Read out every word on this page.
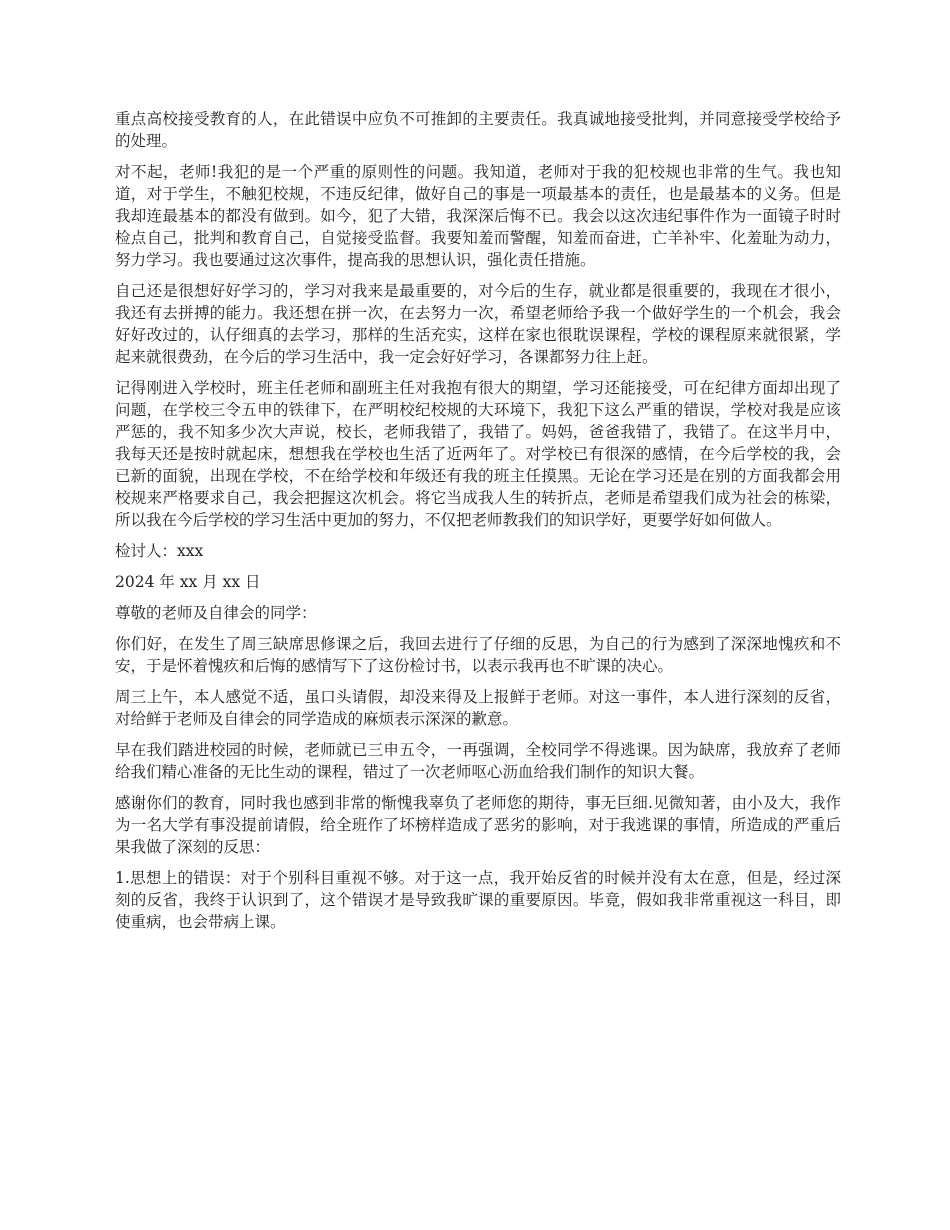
重点高校接受教育的人，在此错误中应负不可推卸的主要责任。我真诚地接受批判，并同意接受学校给予的处理。

对不起，老师!我犯的是一个严重的原则性的问题。我知道，老师对于我的犯校规也非常的生气。我也知道，对于学生，不触犯校规，不违反纪律，做好自己的事是一项最基本的责任，也是最基本的义务。但是我却连最基本的都没有做到。如今，犯了大错，我深深后悔不已。我会以这次违纪事件作为一面镜子时时检点自己，批判和教育自己，自觉接受监督。我要知羞而警醒，知羞而奋进，亡羊补牢、化羞耻为动力，努力学习。我也要通过这次事件，提高我的思想认识，强化责任措施。

自己还是很想好好学习的，学习对我来是最重要的，对今后的生存，就业都是很重要的，我现在才很小，我还有去拼搏的能力。我还想在拼一次，在去努力一次，希望老师给予我一个做好学生的一个机会，我会好好改过的，认仔细真的去学习，那样的生活充实，这样在家也很耽误课程，学校的课程原来就很紧，学起来就很费劲，在今后的学习生活中，我一定会好好学习，各课都努力往上赶。

记得刚进入学校时，班主任老师和副班主任对我抱有很大的期望，学习还能接受，可在纪律方面却出现了问题，在学校三令五申的铁律下，在严明校纪校规的大环境下，我犯下这么严重的错误，学校对我是应该严惩的，我不知多少次大声说，校长，老师我错了，我错了。妈妈，爸爸我错了，我错了。在这半月中，我每天还是按时就起床，想想我在学校也生活了近两年了。对学校已有很深的感情，在今后学校的我，会已新的面貌，出现在学校，不在给学校和年级还有我的班主任摸黑。无论在学习还是在别的方面我都会用校规来严格要求自己，我会把握这次机会。将它当成我人生的转折点，老师是希望我们成为社会的栋梁，所以我在今后学校的学习生活中更加的努力，不仅把老师教我们的知识学好，更要学好如何做人。

检讨人：xxx

2024 年 xx 月 xx 日

尊敬的老师及自律会的同学：

你们好，在发生了周三缺席思修课之后，我回去进行了仔细的反思，为自己的行为感到了深深地愧疚和不安，于是怀着愧疚和后悔的感情写下了这份检讨书，以表示我再也不旷课的决心。

周三上午，本人感觉不适，虽口头请假，却没来得及上报鲜于老师。对这一事件，本人进行深刻的反省，对给鲜于老师及自律会的同学造成的麻烦表示深深的歉意。

早在我们踏进校园的时候，老师就已三申五令，一再强调，全校同学不得逃课。因为缺席，我放弃了老师给我们精心准备的无比生动的课程，错过了一次老师呕心沥血给我们制作的知识大餐。

感谢你们的教育，同时我也感到非常的惭愧我辜负了老师您的期待，事无巨细.见微知著，由小及大，我作为一名大学有事没提前请假，给全班作了坏榜样造成了恶劣的影响，对于我逃课的事情，所造成的严重后果我做了深刻的反思：

1.思想上的错误：对于个别科目重视不够。对于这一点，我开始反省的时候并没有太在意，但是，经过深刻的反省，我终于认识到了，这个错误才是导致我旷课的重要原因。毕竟，假如我非常重视这一科目，即使重病，也会带病上课。
